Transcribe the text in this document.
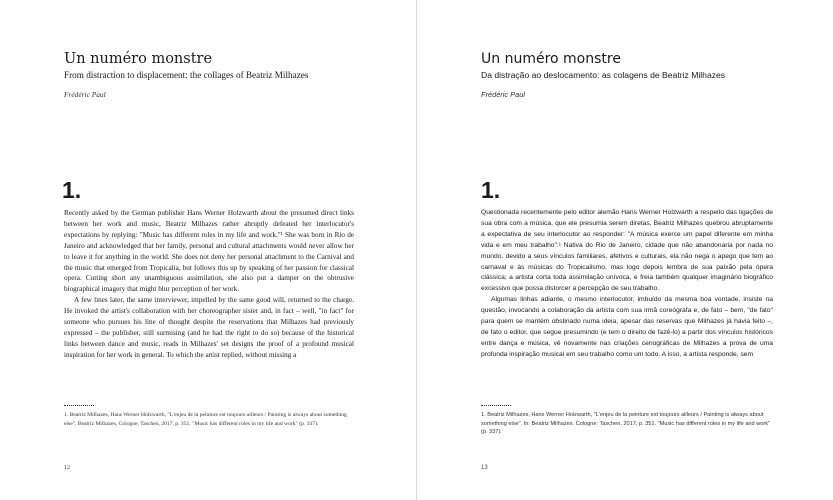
Un numéro monstre
From distraction to displacement: the collages of Beatriz Milhazes
Frédéric Paul
1.

Recently asked by the German publisher Hans Werner Holzwarth about the presumed direct links between her work and music, Beatriz Milhazes rather abruptly defeated her interlocutor's expectations by replying: "Music has different roles in my life and work."¹ She was born in Rio de Janeiro and acknowledged that her family, personal and cultural attachments would never allow her to leave it for anything in the world. She does not deny her personal attachment to the Carnival and the music that emerged from Tropicalia, but follows this up by speaking of her passion for classical opera. Cutting short any unambiguous assimilation, she also put a damper on the obtrusive biographical imagery that might blur perception of her work.

A few lines later, the same interviewer, impelled by the same good will, returned to the charge. He invoked the artist's collaboration with her choreographer sister and, in fact – well, "in fact" for someone who pursues his line of thought despite the reservations that Milhazes had previously expressed – the publisher, still surmising (and he had the right to do so) because of the historical links between dance and music, reads in Milhazes' set designs the proof of a profound musical inspiration for her work in general. To which the artist replied, without missing a

1. Beatriz Milhazes, Hans Werner Holzwarth, "L'enjeu de la peinture est toujours ailleurs / Painting is always about something else", Beatriz Milhazes, Cologne, Taschen, 2017, p. 351. "Music has different roles in my life and work" (p. 337).

12
Un numéro monstre
Da distração ao deslocamento: as colagens de Beatriz Milhazes
Frédéric Paul
1.

Questionada recentemente pelo editor alemão Hans Werner Holzwarth a respeito das ligações de sua obra com a música, que ele presumia serem diretas, Beatriz Milhazes quebrou abruptamente a expectativa de seu interlocutor ao responder: "A música exerce um papel diferente em minha vida e em meu trabalho".¹ Nativa do Rio de Janeiro, cidade que não abandonaria por nada no mundo, devido a seus vínculos familiares, afetivos e culturais, ela não nega o apego que tem ao carnaval e às músicas do Tropicalismo, mas logo depois lembra de sua paixão pela ópera clássica; a artista corta toda assimilação unívoca, e freia também qualquer imaginário biográfico excessivo que possa distorcer a percepção de seu trabalho.

Algumas linhas adiante, o mesmo interlocutor, imbuído da mesma boa vontade, insiste na questão, invocando a colaboração da artista com sua irmã coreógrafa e, de fato – bem, "de fato" para quem se mantém obstinado numa ideia, apesar das reservas que Milhazes já havia feito –, de fato o editor, que segue presumindo (e tem o direito de fazê-lo) a partir dos vínculos históricos entre dança e música, vê novamente nas criações cenográficas de Milhazes a prova de uma profunda inspiração musical em seu trabalho como um todo. A isso, a artista responde, sem

1. Beatriz Milhazes, Hans Werner Holzwarth, "L'enjeu de la peinture est toujours ailleurs / Painting is always about something else". In: Beatriz Milhazes. Cologne: Taschen, 2017, p. 351. "Music has different roles in my life and work" (p. 337).

13
